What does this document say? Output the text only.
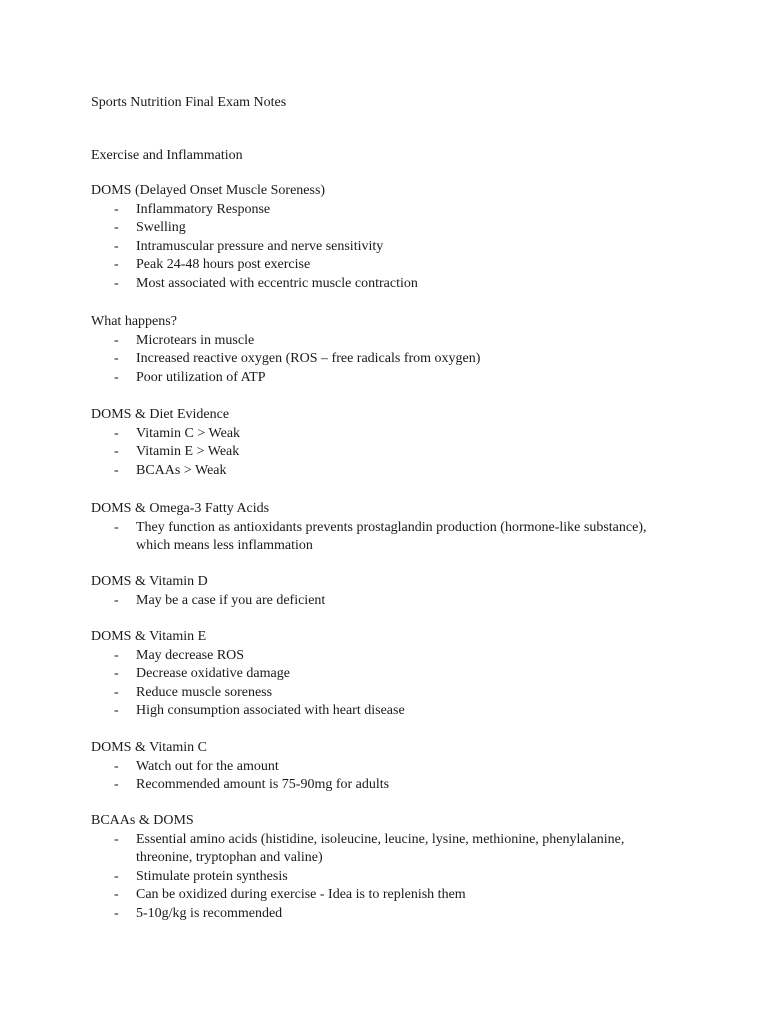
Sports Nutrition Final Exam Notes
Exercise and Inflammation
DOMS (Delayed Onset Muscle Soreness)
- Inflammatory Response
- Swelling
- Intramuscular pressure and nerve sensitivity
- Peak 24-48 hours post exercise
- Most associated with eccentric muscle contraction
What happens?
- Microtears in muscle
- Increased reactive oxygen (ROS – free radicals from oxygen)
- Poor utilization of ATP
DOMS & Diet Evidence
- Vitamin C > Weak
- Vitamin E > Weak
- BCAAs > Weak
DOMS & Omega-3 Fatty Acids
- They function as antioxidants prevents prostaglandin production (hormone-like substance), which means less inflammation
DOMS & Vitamin D
- May be a case if you are deficient
DOMS & Vitamin E
- May decrease ROS
- Decrease oxidative damage
- Reduce muscle soreness
- High consumption associated with heart disease
DOMS & Vitamin C
- Watch out for the amount
- Recommended amount is 75-90mg for adults
BCAAs & DOMS
- Essential amino acids (histidine, isoleucine, leucine, lysine, methionine, phenylalanine, threonine, tryptophan and valine)
- Stimulate protein synthesis
- Can be oxidized during exercise - Idea is to replenish them
- 5-10g/kg is recommended
